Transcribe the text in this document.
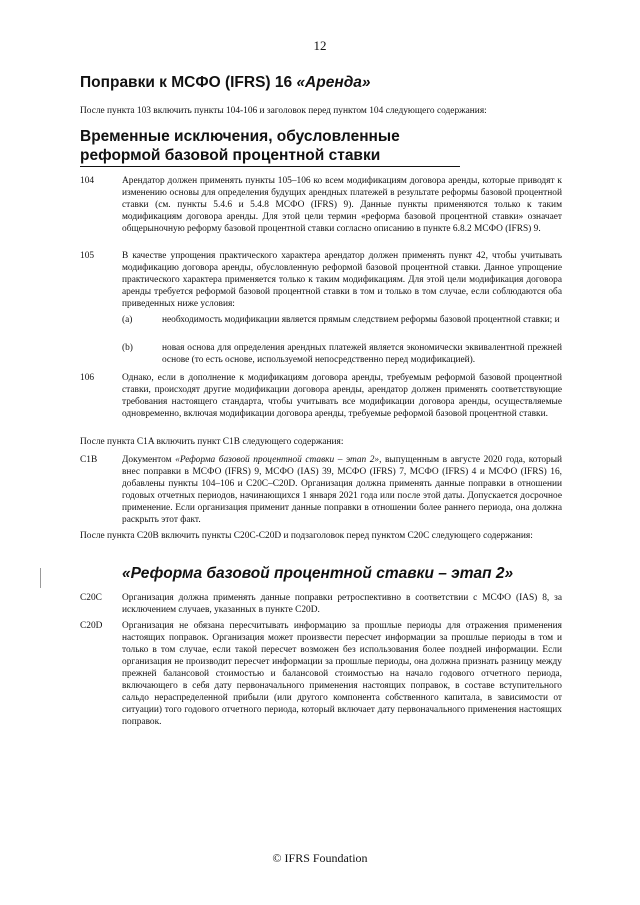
12
Поправки к МСФО (IFRS) 16 «Аренда»

После пункта 103 включить пункты 104-106 и заголовок перед пунктом 104 следующего содержания:

Временные исключения, обусловленные реформой базовой процентной ставки
104	Арендатор должен применять пункты 105–106 ко всем модификациям договора аренды, которые приводят к изменению основы для определения будущих арендных платежей в результате реформы базовой процентной ставки (см. пункты 5.4.6 и 5.4.8 МСФО (IFRS) 9). Данные пункты применяются только к таким модификациям договора аренды. Для этой цели термин «реформа базовой процентной ставки» означает общерыночную реформу базовой процентной ставки согласно описанию в пункте 6.8.2 МСФО (IFRS) 9.
105	В качестве упрощения практического характера арендатор должен применять пункт 42, чтобы учитывать модификацию договора аренды, обусловленную реформой базовой процентной ставки. Данное упрощение практического характера применяется только к таким модификациям. Для этой цели модификация договора аренды требуется реформой базовой процентной ставки в том и только в том случае, если соблюдаются оба приведенных ниже условия:
(a)	необходимость модификации является прямым следствием реформы базовой процентной ставки; и
(b)	новая основа для определения арендных платежей является экономически эквивалентной прежней основе (то есть основе, используемой непосредственно перед модификацией).
106	Однако, если в дополнение к модификациям договора аренды, требуемым реформой базовой процентной ставки, происходят другие модификации договора аренды, арендатор должен применять соответствующие требования настоящего стандарта, чтобы учитывать все модификации договора аренды, осуществляемые одновременно, включая модификации договора аренды, требуемые реформой базовой процентной ставки.

После пункта C1A включить пункт C1B следующего содержания:

C1B	Документом «Реформа базовой процентной ставки – этап 2», выпущенным в августе 2020 года, который внес поправки в МСФО (IFRS) 9, МСФО (IAS) 39, МСФО (IFRS) 7, МСФО (IFRS) 4 и МСФО (IFRS) 16, добавлены пункты 104–106 и C20C–C20D. Организация должна применять данные поправки в отношении годовых отчетных периодов, начинающихся 1 января 2021 года или после этой даты. Допускается досрочное применение. Если организация применит данные поправки в отношении более раннего периода, она должна раскрыть этот факт.

После пункта C20B включить пункты C20C-C20D и подзаголовок перед пунктом C20C следующего содержания:

«Реформа базовой процентной ставки – этап 2»
C20C	Организация должна применять данные поправки ретроспективно в соответствии с МСФО (IAS) 8, за исключением случаев, указанных в пункте C20D.
C20D	Организация не обязана пересчитывать информацию за прошлые периоды для отражения применения настоящих поправок. Организация может произвести пересчет информации за прошлые периоды в том и только в том случае, если такой пересчет возможен без использования более поздней информации. Если организация не производит пересчет информации за прошлые периоды, она должна признать разницу между прежней балансовой стоимостью и балансовой стоимостью на начало годового отчетного периода, включающего в себя дату первоначального применения настоящих поправок, в составе вступительного сальдо нераспределенной прибыли (или другого компонента собственного капитала, в зависимости от ситуации) того годового отчетного периода, который включает дату первоначального применения настоящих поправок.
© IFRS Foundation
